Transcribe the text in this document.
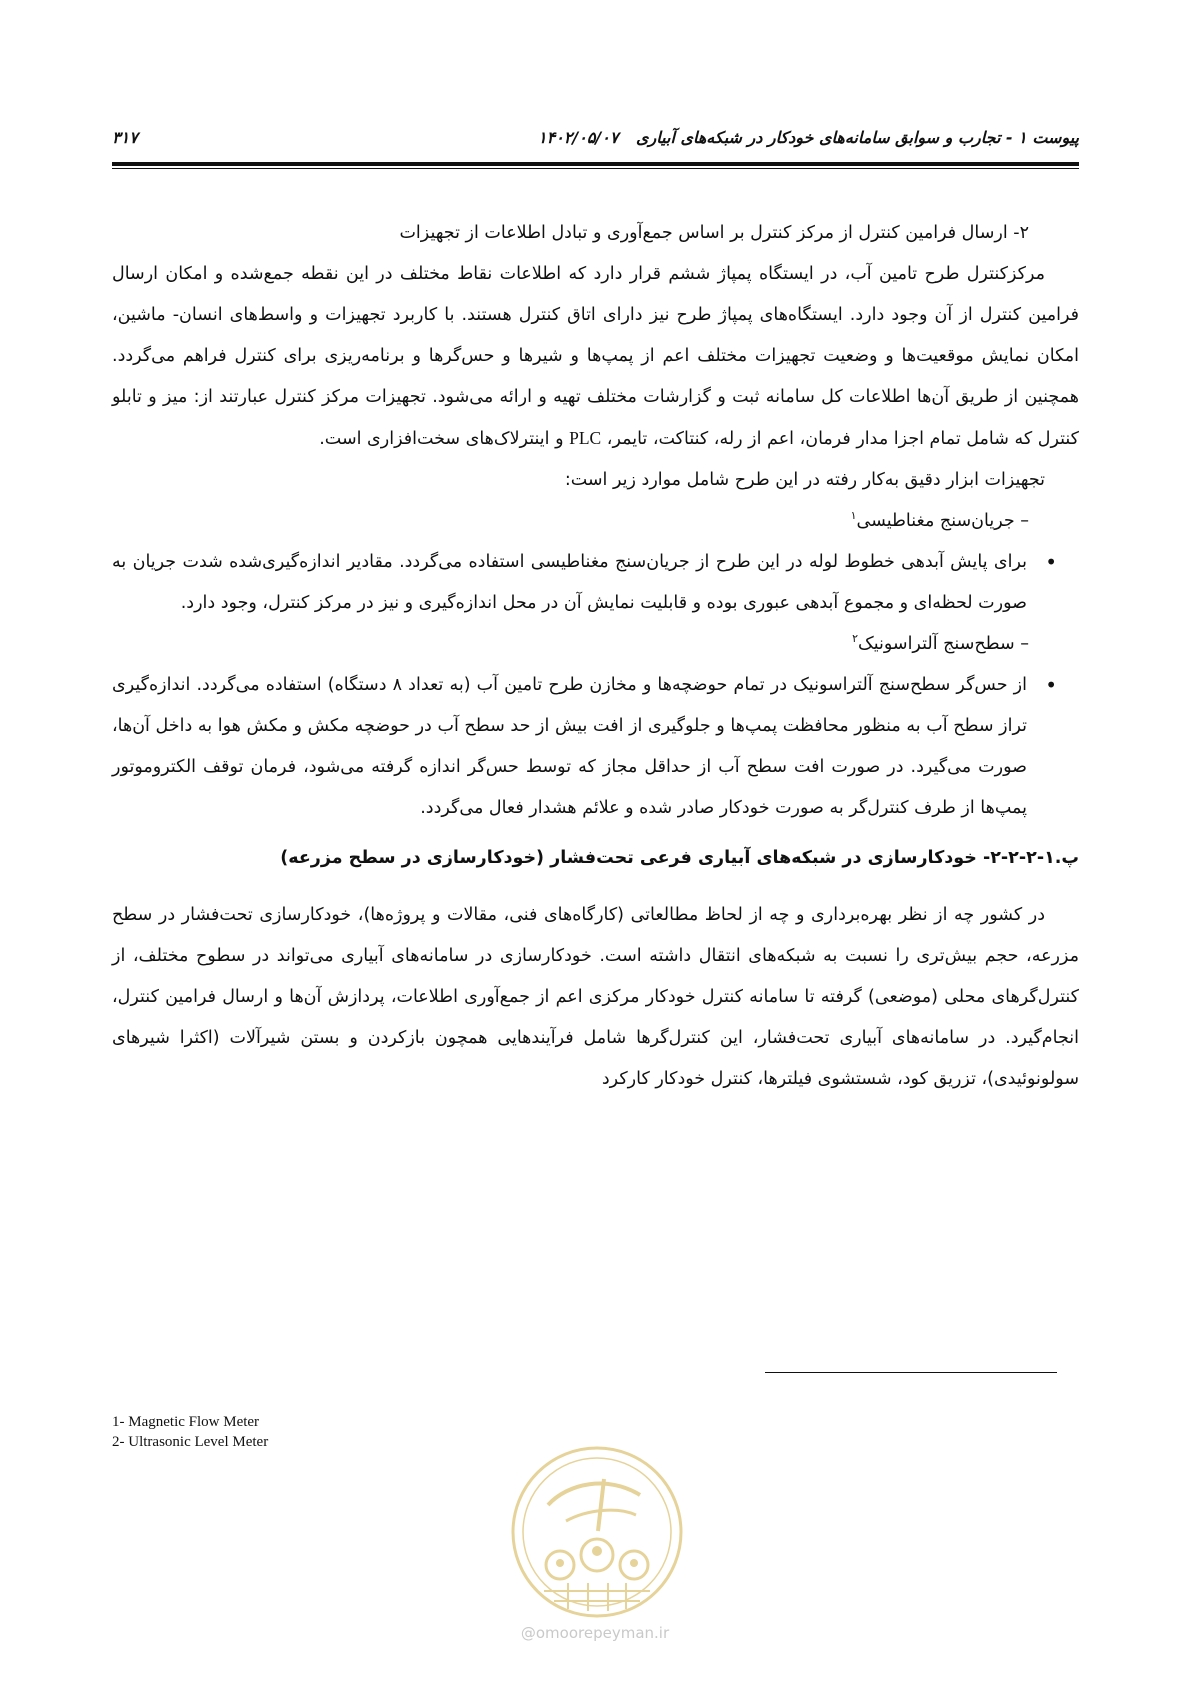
پیوست ۱ - تجارب و سوابق سامانه‌های خودکار در شبکه‌های آبیاری ۱۴۰۲/۰۵/۰۷
۳۱۷

۲- ارسال فرامین کنترل از مرکز کنترل بر اساس جمع‌آوری و تبادل اطلاعات از تجهیزات

مرکزکنترل طرح تامین آب، در ایستگاه پمپاژ ششم قرار دارد که اطلاعات نقاط مختلف در این نقطه جمع‌شده و امکان ارسال فرامین کنترل از آن وجود دارد. ایستگاه‌های پمپاژ طرح نیز دارای اتاق کنترل هستند. با کاربرد تجهیزات و واسط‌های انسان- ماشین، امکان نمایش موقعیت‌ها و وضعیت تجهیزات مختلف اعم از پمپ‌ها و شیرها و حس‌گرها و برنامه‌ریزی برای کنترل فراهم می‌گردد. همچنین از طریق آن‌ها اطلاعات کل سامانه ثبت و گزارشات مختلف تهیه و ارائه می‌شود. تجهیزات مرکز کنترل عبارتند از: میز و تابلو کنترل که شامل تمام اجزا مدار فرمان، اعم از رله، کنتاکت، تایمر، PLC و اینترلاک‌های سخت‌افزاری است.

تجهیزات ابزار دقیق به‌کار رفته در این طرح شامل موارد زیر است:

– جریان‌سنج مغناطیسی$^۱$

• برای پایش آبدهی خطوط لوله در این طرح از جریان‌سنج مغناطیسی استفاده می‌گردد. مقادیر اندازه‌گیری‌شده شدت جریان به صورت لحظه‌ای و مجموع آبدهی عبوری بوده و قابلیت نمایش آن در محل اندازه‌گیری و نیز در مرکز کنترل، وجود دارد.

– سطح‌سنج آلتراسونیک$^۲$

• از حس‌گر سطح‌سنج آلتراسونیک در تمام حوضچه‌ها و مخازن طرح تامین آب (به تعداد ۸ دستگاه) استفاده می‌گردد. اندازه‌گیری تراز سطح آب به منظور محافظت پمپ‌ها و جلوگیری از افت بیش از حد سطح آب در حوضچه مکش و مکش هوا به داخل آن‌ها، صورت می‌گیرد. در صورت افت سطح آب از حداقل مجاز که توسط حس‌گر اندازه گرفته می‌شود، فرمان توقف الکتروموتور پمپ‌ها از طرف کنترل‌گر به صورت خودکار صادر شده و علائم هشدار فعال می‌گردد.

پ.۱-۲-۲-۲- خودکارسازی در شبکه‌های آبیاری فرعی تحت‌فشار (خودکارسازی در سطح مزرعه)

در کشور چه از نظر بهره‌برداری و چه از لحاظ مطالعاتی (کارگاه‌های فنی، مقالات و پروژه‌ها)، خودکارسازی تحت‌فشار در سطح مزرعه، حجم بیش‌تری را نسبت به شبکه‌های انتقال داشته است. خودکارسازی در سامانه‌های آبیاری می‌تواند در سطوح مختلف، از کنترل‌گرهای محلی (موضعی) گرفته تا سامانه کنترل خودکار مرکزی اعم از جمع‌آوری اطلاعات، پردازش آن‌ها و ارسال فرامین کنترل، انجام‌گیرد. در سامانه‌های آبیاری تحت‌فشار، این کنترل‌گرها شامل فرآیندهایی همچون بازکردن و بستن شیرآلات (اکثرا شیرهای سولونوئیدی)، تزریق کود، شستشوی فیلترها، کنترل خودکار کارکرد

1- Magnetic Flow Meter
2- Ultrasonic Level Meter
@omoorepeyman.ir
